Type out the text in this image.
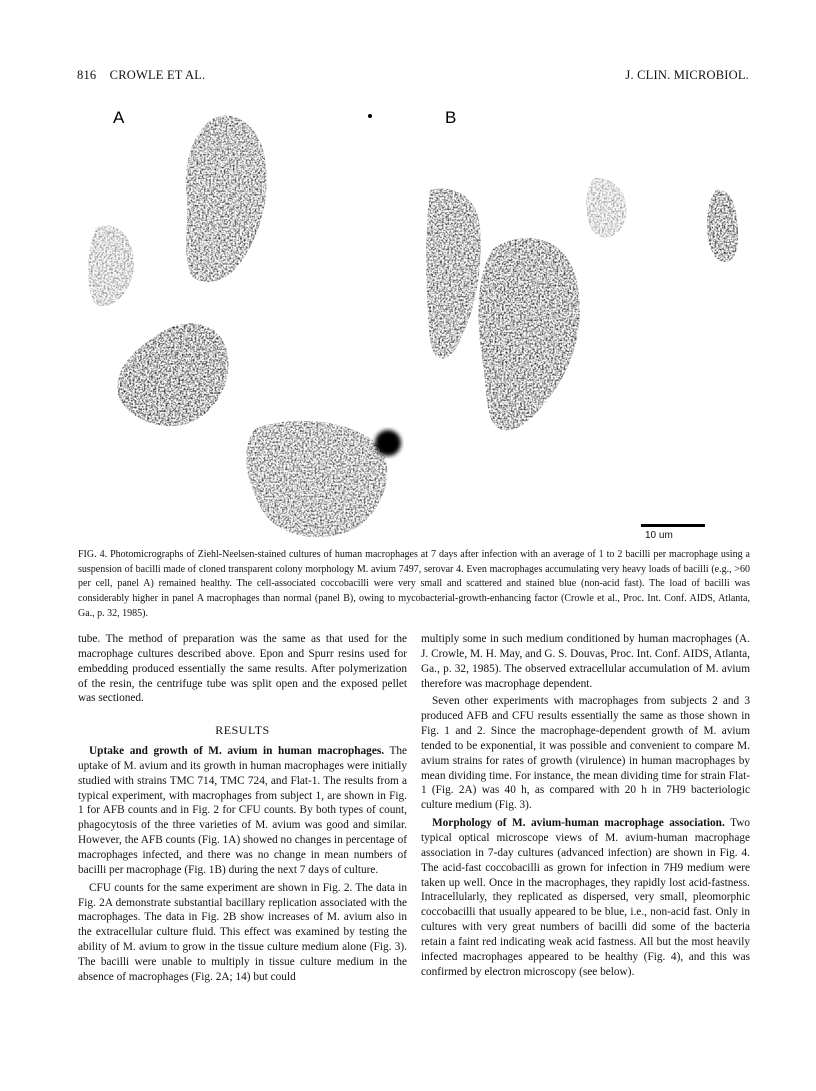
816 CROWLE ET AL.	J. CLIN. MICROBIOL.
A	B
10 um
FIG. 4. Photomicrographs of Ziehl-Neelsen-stained cultures of human macrophages at 7 days after infection with an average of 1 to 2 bacilli per macrophage using a suspension of bacilli made of cloned transparent colony morphology M. avium 7497, serovar 4. Even macrophages accumulating very heavy loads of bacilli (e.g., >60 per cell, panel A) remained healthy. The cell-associated coccobacilli were very small and scattered and stained blue (non-acid fast). The load of bacilli was considerably higher in panel A macrophages than normal (panel B), owing to mycobacterial-growth-enhancing factor (Crowle et al., Proc. Int. Conf. AIDS, Atlanta, Ga., p. 32, 1985).

tube. The method of preparation was the same as that used for the macrophage cultures described above. Epon and Spurr resins used for embedding produced essentially the same results. After polymerization of the resin, the centrifuge tube was split open and the exposed pellet was sectioned.

RESULTS

Uptake and growth of M. avium in human macrophages. The uptake of M. avium and its growth in human macrophages were initially studied with strains TMC 714, TMC 724, and Flat-1. The results from a typical experiment, with macrophages from subject 1, are shown in Fig. 1 for AFB counts and in Fig. 2 for CFU counts. By both types of count, phagocytosis of the three varieties of M. avium was good and similar. However, the AFB counts (Fig. 1A) showed no changes in percentage of macrophages infected, and there was no change in mean numbers of bacilli per macrophage (Fig. 1B) during the next 7 days of culture.

CFU counts for the same experiment are shown in Fig. 2. The data in Fig. 2A demonstrate substantial bacillary replication associated with the macrophages. The data in Fig. 2B show increases of M. avium also in the extracellular culture fluid. This effect was examined by testing the ability of M. avium to grow in the tissue culture medium alone (Fig. 3). The bacilli were unable to multiply in tissue culture medium in the absence of macrophages (Fig. 2A; 14) but could

multiply some in such medium conditioned by human macrophages (A. J. Crowle, M. H. May, and G. S. Douvas, Proc. Int. Conf. AIDS, Atlanta, Ga., p. 32, 1985). The observed extracellular accumulation of M. avium therefore was macrophage dependent.

Seven other experiments with macrophages from subjects 2 and 3 produced AFB and CFU results essentially the same as those shown in Fig. 1 and 2. Since the macrophage-dependent growth of M. avium tended to be exponential, it was possible and convenient to compare M. avium strains for rates of growth (virulence) in human macrophages by mean dividing time. For instance, the mean dividing time for strain Flat-1 (Fig. 2A) was 40 h, as compared with 20 h in 7H9 bacteriologic culture medium (Fig. 3).

Morphology of M. avium-human macrophage association. Two typical optical microscope views of M. avium-human macrophage association in 7-day cultures (advanced infection) are shown in Fig. 4. The acid-fast coccobacilli as grown for infection in 7H9 medium were taken up well. Once in the macrophages, they rapidly lost acid-fastness. Intracellularly, they replicated as dispersed, very small, pleomorphic coccobacilli that usually appeared to be blue, i.e., non-acid fast. Only in cultures with very great numbers of bacilli did some of the bacteria retain a faint red indicating weak acid fastness. All but the most heavily infected macrophages appeared to be healthy (Fig. 4), and this was confirmed by electron microscopy (see below).
